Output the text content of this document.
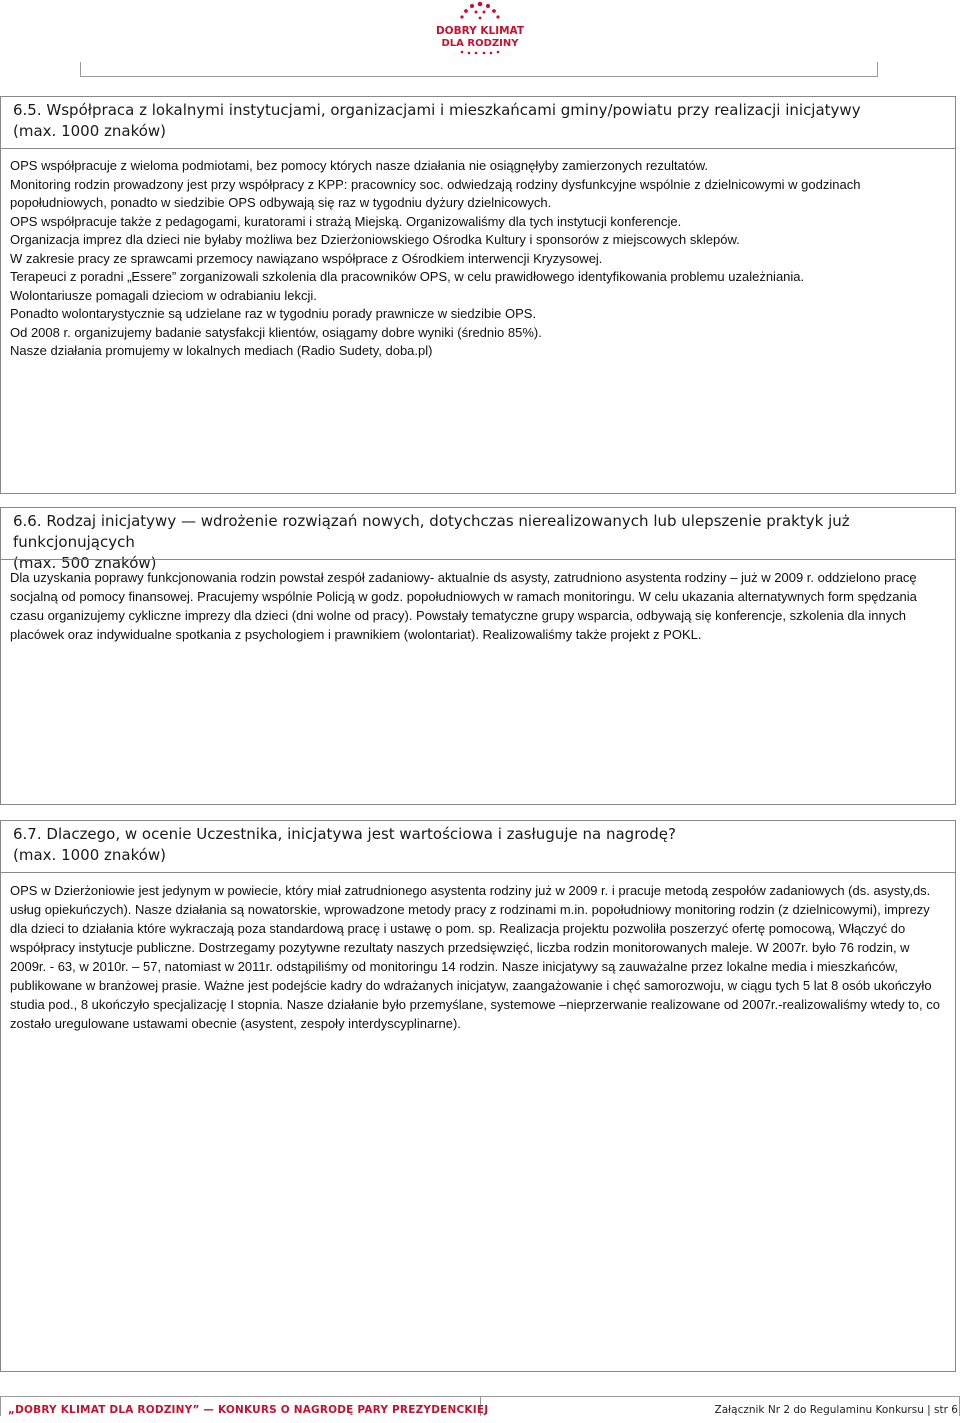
DOBRY KLIMAT
DLA RODZINY
6.5. Współpraca z lokalnymi instytucjami, organizacjami i mieszkańcami gminy/powiatu przy realizacji inicjatywy
(max. 1000 znaków)

OPS współpracuje z wieloma podmiotami, bez pomocy których nasze działania nie osiągnęłyby zamierzonych rezultatów.

Monitoring rodzin prowadzony jest przy współpracy z KPP: pracownicy soc. odwiedzają rodziny dysfunkcyjne wspólnie z dzielnicowymi w godzinach popołudniowych, ponadto w siedzibie OPS odbywają się raz w tygodniu dyżury dzielnicowych.

OPS współpracuje także z pedagogami, kuratorami i strażą Miejską. Organizowaliśmy dla tych instytucji konferencje.

Organizacja imprez dla dzieci nie byłaby możliwa bez Dzierżoniowskiego Ośrodka Kultury i sponsorów z miejscowych sklepów.

W zakresie pracy ze sprawcami przemocy nawiązano współprace z Ośrodkiem interwencji Kryzysowej.

Terapeuci z poradni „Essere” zorganizowali szkolenia dla pracowników OPS, w celu prawidłowego identyfikowania problemu uzależniania.

Wolontariusze pomagali dzieciom w odrabianiu lekcji.

Ponadto wolontarystycznie są udzielane raz w tygodniu porady prawnicze w siedzibie OPS.

Od 2008 r. organizujemy badanie satysfakcji klientów, osiągamy dobre wyniki (średnio 85%).

Nasze działania promujemy w lokalnych mediach (Radio Sudety, doba.pl)

6.6. Rodzaj inicjatywy — wdrożenie rozwiązań nowych, dotychczas nierealizowanych lub ulepszenie praktyk już funkcjonujących
(max. 500 znaków)

Dla uzyskania poprawy funkcjonowania rodzin powstał zespół zadaniowy- aktualnie ds asysty, zatrudniono asystenta rodziny – już w 2009 r. oddzielono pracę socjalną od pomocy finansowej. Pracujemy wspólnie Policją w godz. popołudniowych w ramach monitoringu. W celu ukazania alternatywnych form spędzania czasu organizujemy cykliczne imprezy dla dzieci (dni wolne od pracy). Powstały tematyczne grupy wsparcia, odbywają się konferencje, szkolenia dla innych placówek oraz indywidualne spotkania z psychologiem i prawnikiem (wolontariat). Realizowaliśmy także projekt z POKL.

6.7. Dlaczego, w ocenie Uczestnika, inicjatywa jest wartościowa i zasługuje na nagrodę?
(max. 1000 znaków)

OPS w Dzierżoniowie jest jedynym w powiecie, który miał zatrudnionego asystenta rodziny już w 2009 r. i pracuje metodą zespołów zadaniowych (ds. asysty,ds. usług opiekuńczych). Nasze działania są nowatorskie, wprowadzone metody pracy z rodzinami m.in. popołudniowy monitoring rodzin (z dzielnicowymi), imprezy dla dzieci to działania które wykraczają poza standardową pracę i ustawę o pom. sp. Realizacja projektu pozwoliła poszerzyć ofertę pomocową, Włączyć do współpracy instytucje publiczne. Dostrzegamy pozytywne rezultaty naszych przedsięwzięć, liczba rodzin monitorowanych maleje. W 2007r. było 76 rodzin, w 2009r. - 63, w 2010r. – 57, natomiast w 2011r. odstąpiliśmy od monitoringu 14 rodzin. Nasze inicjatywy są zauważalne przez lokalne media i mieszkańców, publikowane w branżowej prasie. Ważne jest podejście kadry do wdrażanych inicjatyw, zaangażowanie i chęć samorozwoju, w ciągu tych 5 lat 8 osób ukończyło studia pod., 8 ukończyło specjalizację I stopnia. Nasze działanie było przemyślane, systemowe –nieprzerwanie realizowane od 2007r.-realizowaliśmy wtedy to, co zostało uregulowane ustawami obecnie (asystent, zespoły interdyscyplinarne).

„DOBRY KLIMAT DLA RODZINY” — KONKURS O NAGRODĘ PARY PREZYDENCKIEJ	Załącznik Nr 2 do Regulaminu Konkursu | str 6
